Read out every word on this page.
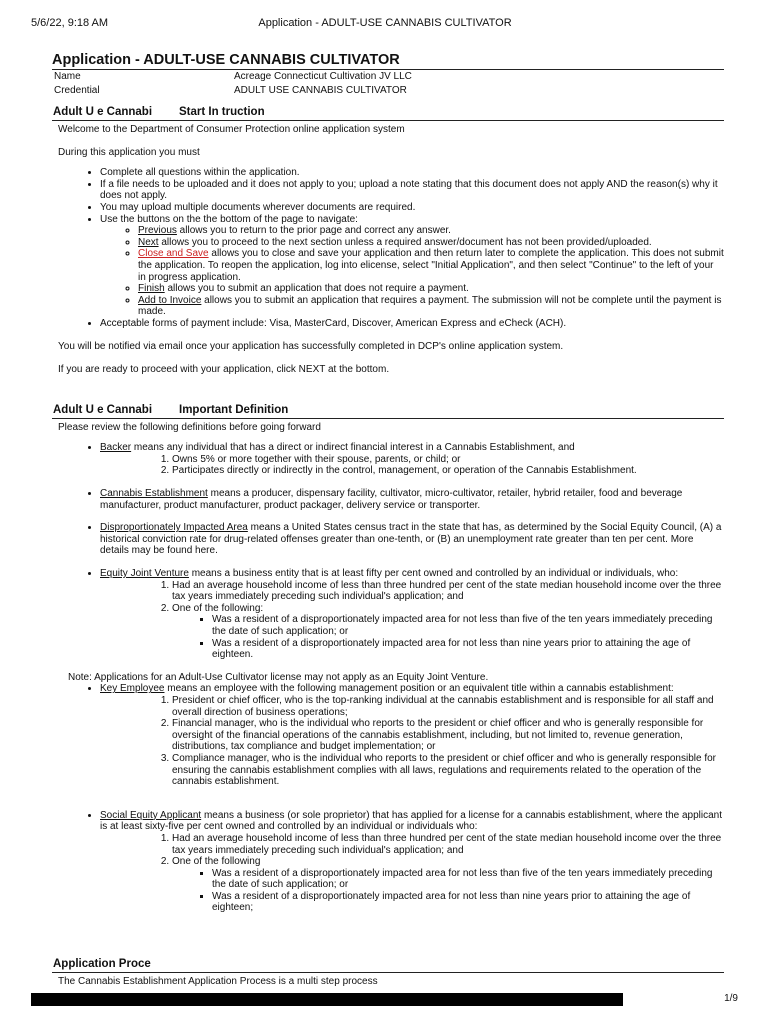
5/6/22, 9:18 AM	Application - ADULT-USE CANNABIS CULTIVATOR
Application - ADULT-USE CANNABIS CULTIVATOR
Name	Acreage Connecticut Cultivation JV LLC
Credential	ADULT USE CANNABIS CULTIVATOR
Adult U e Cannabi	Start In truction

Welcome to the Department of Consumer Protection online application system

During this application you must

• Complete all questions within the application.
• If a file needs to be uploaded and it does not apply to you; upload a note stating that this document does not apply AND the reason(s) why it does not apply.
• You may upload multiple documents wherever documents are required.
• Use the buttons on the the bottom of the page to navigate:
◦ Previous allows you to return to the prior page and correct any answer.
◦ Next allows you to proceed to the next section unless a required answer/document has not been provided/uploaded.
◦ Close and Save allows you to close and save your application and then return later to complete the application. This does not submit the application. To reopen the application, log into elicense, select "Initial Application", and then select "Continue" to the left of your in progress application.
◦ Finish allows you to submit an application that does not require a payment.
◦ Add to Invoice allows you to submit an application that requires a payment. The submission will not be complete until the payment is made.
• Acceptable forms of payment include: Visa, MasterCard, Discover, American Express and eCheck (ACH).

You will be notified via email once your application has successfully completed in DCP's online application system.

If you are ready to proceed with your application, click NEXT at the bottom.

Adult U e Cannabi	Important Definition

Please review the following definitions before going forward

• Backer means any individual that has a direct or indirect financial interest in a Cannabis Establishment, and
1. Owns 5% or more together with their spouse, parents, or child; or
2. Participates directly or indirectly in the control, management, or operation of the Cannabis Establishment.
• Cannabis Establishment means a producer, dispensary facility, cultivator, micro-cultivator, retailer, hybrid retailer, food and beverage manufacturer, product manufacturer, product packager, delivery service or transporter.
• Disproportionately Impacted Area means a United States census tract in the state that has, as determined by the Social Equity Council, (A) a historical conviction rate for drug-related offenses greater than one-tenth, or (B) an unemployment rate greater than ten per cent. More details may be found here.
• Equity Joint Venture means a business entity that is at least fifty per cent owned and controlled by an individual or individuals, who:
1. Had an average household income of less than three hundred per cent of the state median household income over the three tax years immediately preceding such individual's application; and
2. One of the following:
▪ Was a resident of a disproportionately impacted area for not less than five of the ten years immediately preceding the date of such application; or
▪ Was a resident of a disproportionately impacted area for not less than nine years prior to attaining the age of eighteen.

Note: Applications for an Adult-Use Cultivator license may not apply as an Equity Joint Venture.

• Key Employee means an employee with the following management position or an equivalent title within a cannabis establishment:
1. President or chief officer, who is the top-ranking individual at the cannabis establishment and is responsible for all staff and overall direction of business operations;
2. Financial manager, who is the individual who reports to the president or chief officer and who is generally responsible for oversight of the financial operations of the cannabis establishment, including, but not limited to, revenue generation, distributions, tax compliance and budget implementation; or
3. Compliance manager, who is the individual who reports to the president or chief officer and who is generally responsible for ensuring the cannabis establishment complies with all laws, regulations and requirements related to the operation of the cannabis establishment.
• Social Equity Applicant means a business (or sole proprietor) that has applied for a license for a cannabis establishment, where the applicant is at least sixty-five per cent owned and controlled by an individual or individuals who:
1. Had an average household income of less than three hundred per cent of the state median household income over the three tax years immediately preceding such individual's application; and
2. One of the following
▪ Was a resident of a disproportionately impacted area for not less than five of the ten years immediately preceding the date of such application; or
▪ Was a resident of a disproportionately impacted area for not less than nine years prior to attaining the age of eighteen;
Application Proce

The Cannabis Establishment Application Process is a multi step process

1/9
